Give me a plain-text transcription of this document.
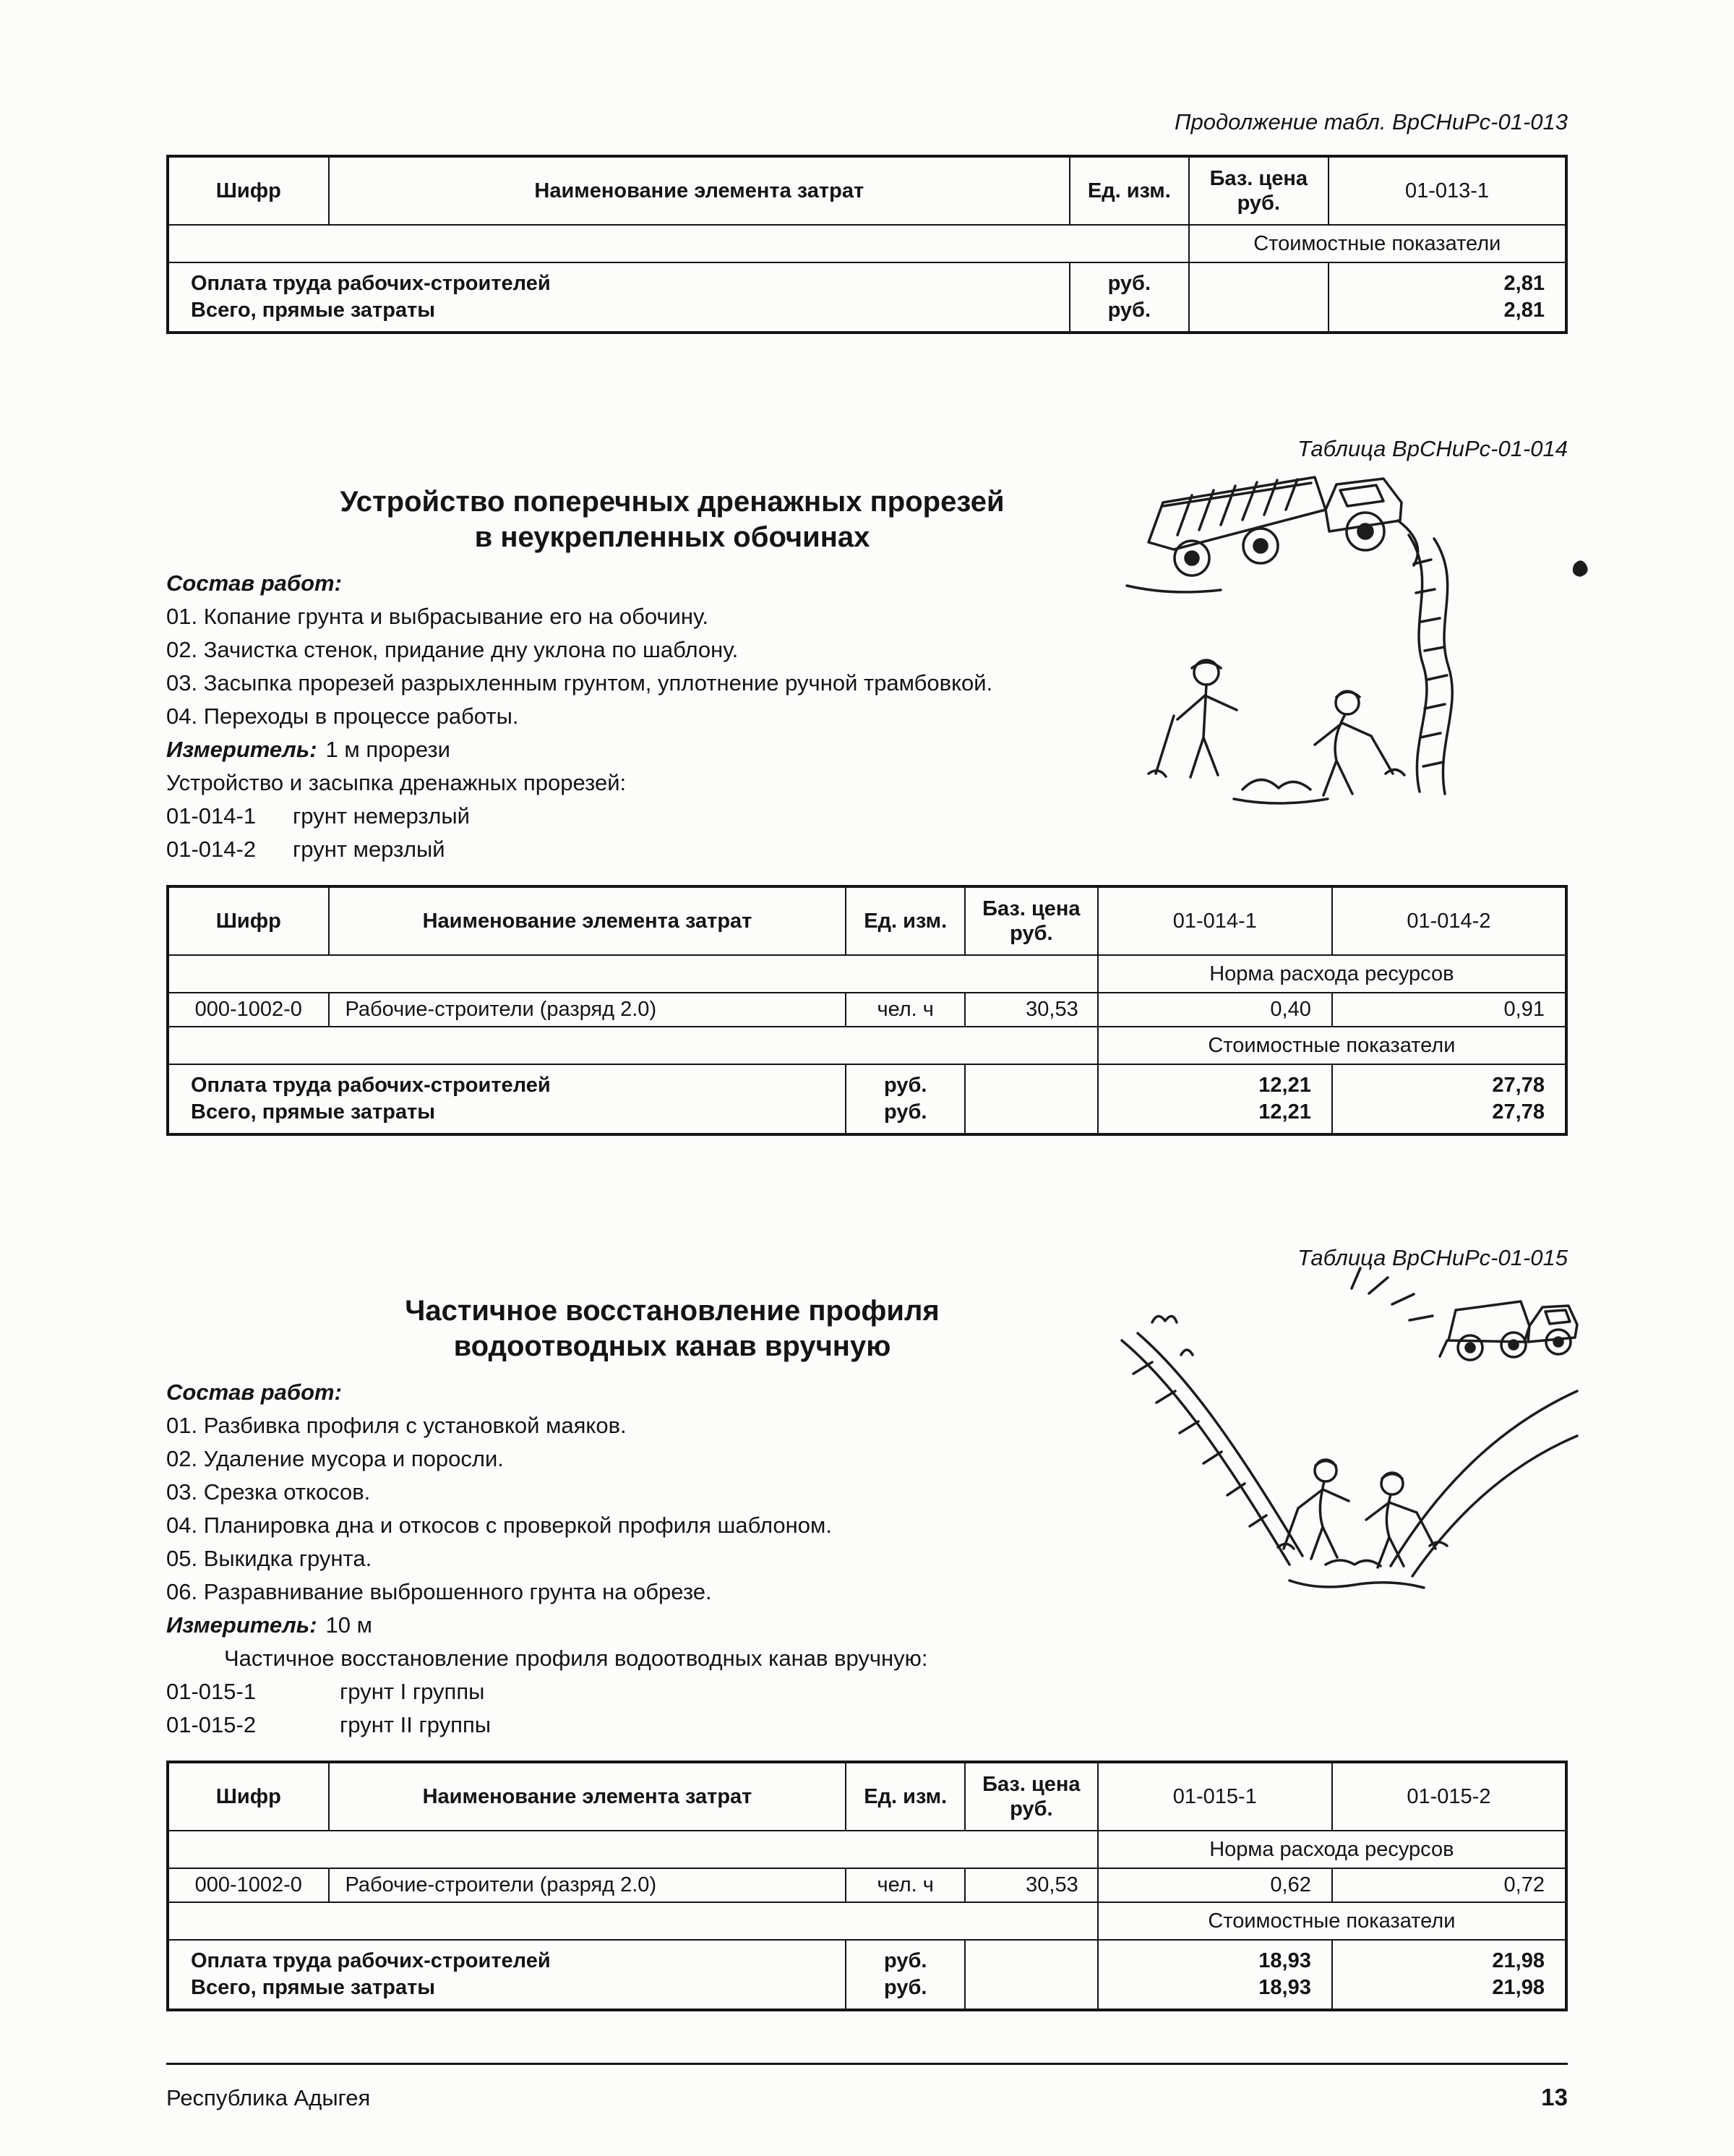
Продолжение табл. ВрСНиРс-01-013
Шифр	Наименование элемента затрат	Ед. изм.	Баз. цена
руб.	01-013-1
			Стоимостные показатели	
Оплата труда рабочих-строителей		руб.		2,81
Всего, прямые затраты		руб.		2,81
Таблица ВрСНиРс-01-014
Устройство поперечных дренажных прорезей
в неукрепленных обочинах
Состав работ:
01. Копание грунта и выбрасывание его на обочину.
02. Зачистка стенок, придание дну уклона по шаблону.
03. Засыпка прорезей разрыхленным грунтом, уплотнение ручной трамбовкой.
04. Переходы в процессе работы.
Измеритель: 1 м прорези
Устройство и засыпка дренажных прорезей:
01-014-1	грунт немерзлый
01-014-2	грунт мерзлый
Шифр	Наименование элемента затрат	Ед. изм.	Баз. цена
руб.	01-014-1	01-014-2
				Норма расхода ресурсов	
000-1002-0	Рабочие-строители (разряд 2.0)	чел. ч	30,53	0,40	0,91
				Стоимостные показатели	
Оплата труда рабочих-строителей		руб.		12,21	27,78
Всего, прямые затраты		руб.		12,21	27,78
Таблица ВрСНиРс-01-015
Частичное восстановление профиля
водоотводных канав вручную
Состав работ:
01. Разбивка профиля с установкой маяков.
02. Удаление мусора и поросли.
03. Срезка откосов.
04. Планировка дна и откосов с проверкой профиля шаблоном.
05. Выкидка грунта.
06. Разравнивание выброшенного грунта на обрезе.
Измеритель: 10 м
Частичное восстановление профиля водоотводных канав вручную:
01-015-1	грунт I группы
01-015-2	грунт II группы
Шифр	Наименование элемента затрат	Ед. изм.	Баз. цена
руб.	01-015-1	01-015-2
				Норма расхода ресурсов	
000-1002-0	Рабочие-строители (разряд 2.0)	чел. ч	30,53	0,62	0,72
				Стоимостные показатели	
Оплата труда рабочих-строителей		руб.		18,93	21,98
Всего, прямые затраты		руб.		18,93	21,98
Республика Адыгея	13
